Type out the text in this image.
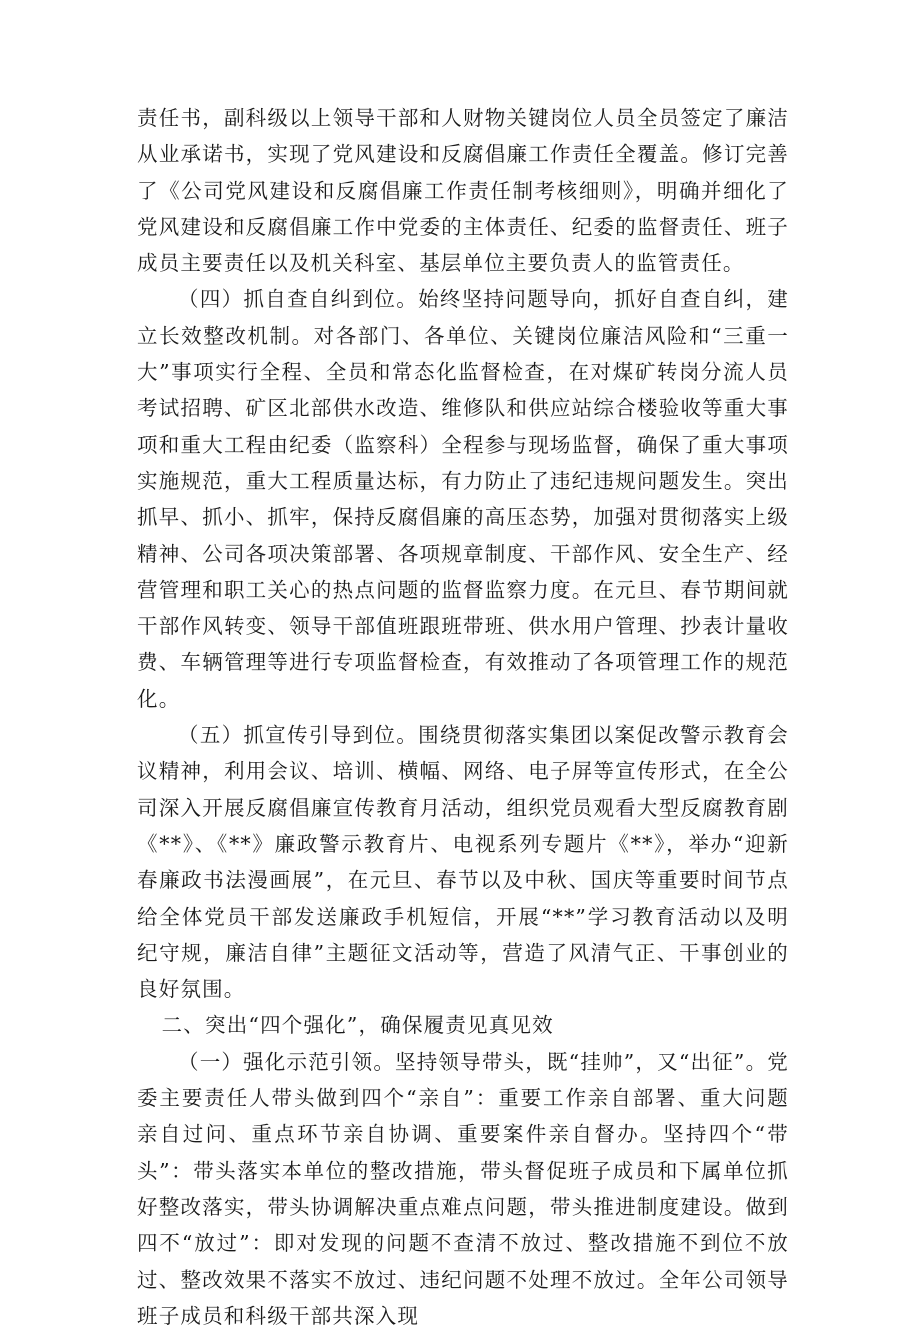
责任书，副科级以上领导干部和人财物关键岗位人员全员签定了廉洁从业承诺书，实现了党风建设和反腐倡廉工作责任全覆盖。修订完善了《公司党风建设和反腐倡廉工作责任制考核细则》，明确并细化了党风建设和反腐倡廉工作中党委的主体责任、纪委的监督责任、班子成员主要责任以及机关科室、基层单位主要负责人的监管责任。

（四）抓自查自纠到位。始终坚持问题导向，抓好自查自纠，建立长效整改机制。对各部门、各单位、关键岗位廉洁风险和“三重一大”事项实行全程、全员和常态化监督检查，在对煤矿转岗分流人员考试招聘、矿区北部供水改造、维修队和供应站综合楼验收等重大事项和重大工程由纪委（监察科）全程参与现场监督，确保了重大事项实施规范，重大工程质量达标，有力防止了违纪违规问题发生。突出抓早、抓小、抓牢，保持反腐倡廉的高压态势，加强对贯彻落实上级精神、公司各项决策部署、各项规章制度、干部作风、安全生产、经营管理和职工关心的热点问题的监督监察力度。在元旦、春节期间就干部作风转变、领导干部值班跟班带班、供水用户管理、抄表计量收费、车辆管理等进行专项监督检查，有效推动了各项管理工作的规范化。

（五）抓宣传引导到位。围绕贯彻落实集团以案促改警示教育会议精神，利用会议、培训、横幅、网络、电子屏等宣传形式，在全公司深入开展反腐倡廉宣传教育月活动，组织党员观看大型反腐教育剧《**》、《**》廉政警示教育片、电视系列专题片《**》，举办“迎新春廉政书法漫画展”，在元旦、春节以及中秋、国庆等重要时间节点给全体党员干部发送廉政手机短信，开展“**”学习教育活动以及明纪守规，廉洁自律”主题征文活动等，营造了风清气正、干事创业的良好氛围。

二、突出“四个强化”，确保履责见真见效

（一）强化示范引领。坚持领导带头，既“挂帅”，又“出征”。党委主要责任人带头做到四个“亲自”：重要工作亲自部署、重大问题亲自过问、重点环节亲自协调、重要案件亲自督办。坚持四个“带头”：带头落实本单位的整改措施，带头督促班子成员和下属单位抓好整改落实，带头协调解决重点难点问题，带头推进制度建设。做到四不“放过”：即对发现的问题不查清不放过、整改措施不到位不放过、整改效果不落实不放过、违纪问题不处理不放过。全年公司领导班子成员和科级干部共深入现
